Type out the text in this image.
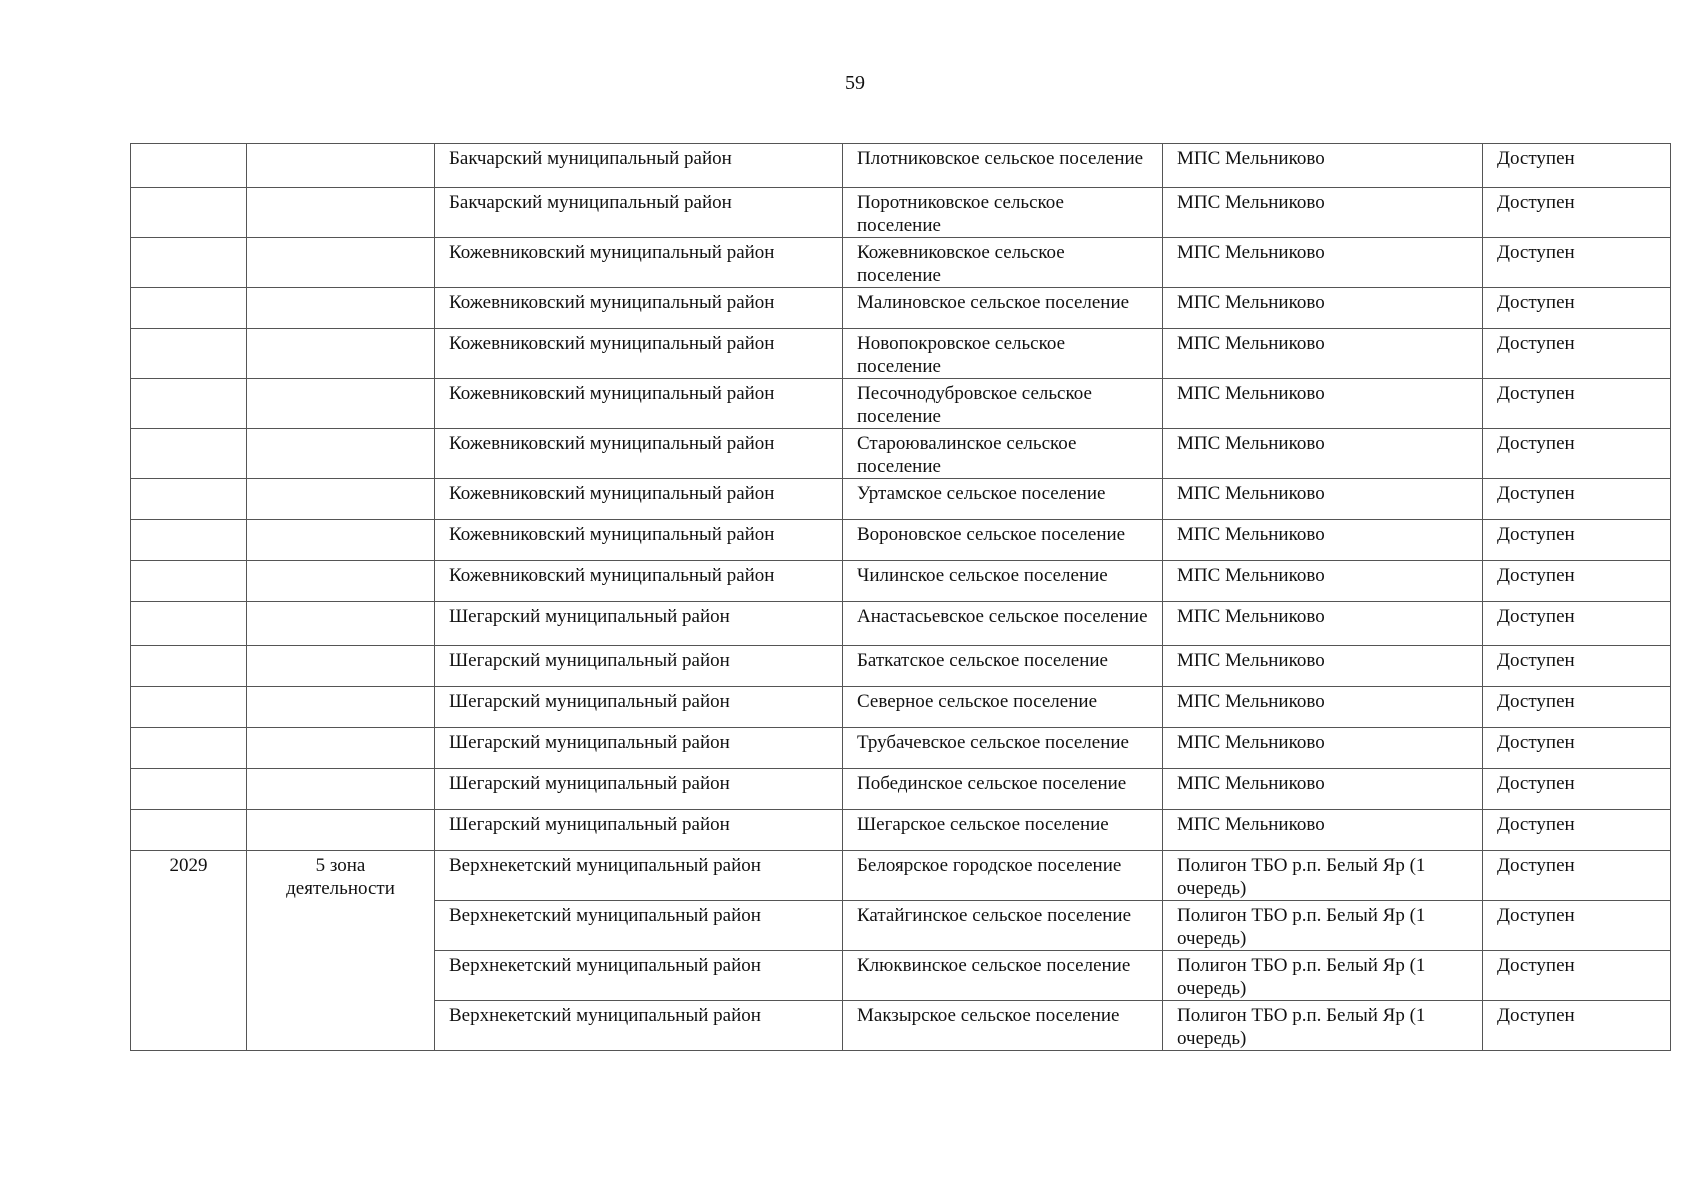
59
		Бакчарский муниципальный район	Плотниковское сельское поселение	МПС Мельниково	Доступен
		Бакчарский муниципальный район	Поротниковское сельское поселение	МПС Мельниково	Доступен
		Кожевниковский муниципальный район	Кожевниковское сельское поселение	МПС Мельниково	Доступен
		Кожевниковский муниципальный район	Малиновское сельское поселение	МПС Мельниково	Доступен
		Кожевниковский муниципальный район	Новопокровское сельское поселение	МПС Мельниково	Доступен
		Кожевниковский муниципальный район	Песочнодубровское сельское поселение	МПС Мельниково	Доступен
		Кожевниковский муниципальный район	Староювалинское сельское поселение	МПС Мельниково	Доступен
		Кожевниковский муниципальный район	Уртамское сельское поселение	МПС Мельниково	Доступен
		Кожевниковский муниципальный район	Вороновское сельское поселение	МПС Мельниково	Доступен
		Кожевниковский муниципальный район	Чилинское сельское поселение	МПС Мельниково	Доступен
		Шегарский муниципальный район	Анастасьевское сельское поселение	МПС Мельниково	Доступен
		Шегарский муниципальный район	Баткатское сельское поселение	МПС Мельниково	Доступен
		Шегарский муниципальный район	Северное сельское поселение	МПС Мельниково	Доступен
		Шегарский муниципальный район	Трубачевское сельское поселение	МПС Мельниково	Доступен
		Шегарский муниципальный район	Побединское сельское поселение	МПС Мельниково	Доступен
		Шегарский муниципальный район	Шегарское сельское поселение	МПС Мельниково	Доступен
2029	5 зона деятельности	Верхнекетский муниципальный район	Белоярское городское поселение	Полигон ТБО р.п. Белый Яр (1 очередь)	Доступен
		Верхнекетский муниципальный район	Катайгинское сельское поселение	Полигон ТБО р.п. Белый Яр (1 очередь)	Доступен
		Верхнекетский муниципальный район	Клюквинское сельское поселение	Полигон ТБО р.п. Белый Яр (1 очередь)	Доступен
		Верхнекетский муниципальный район	Макзырское сельское поселение	Полигон ТБО р.п. Белый Яр (1 очередь)	Доступен
